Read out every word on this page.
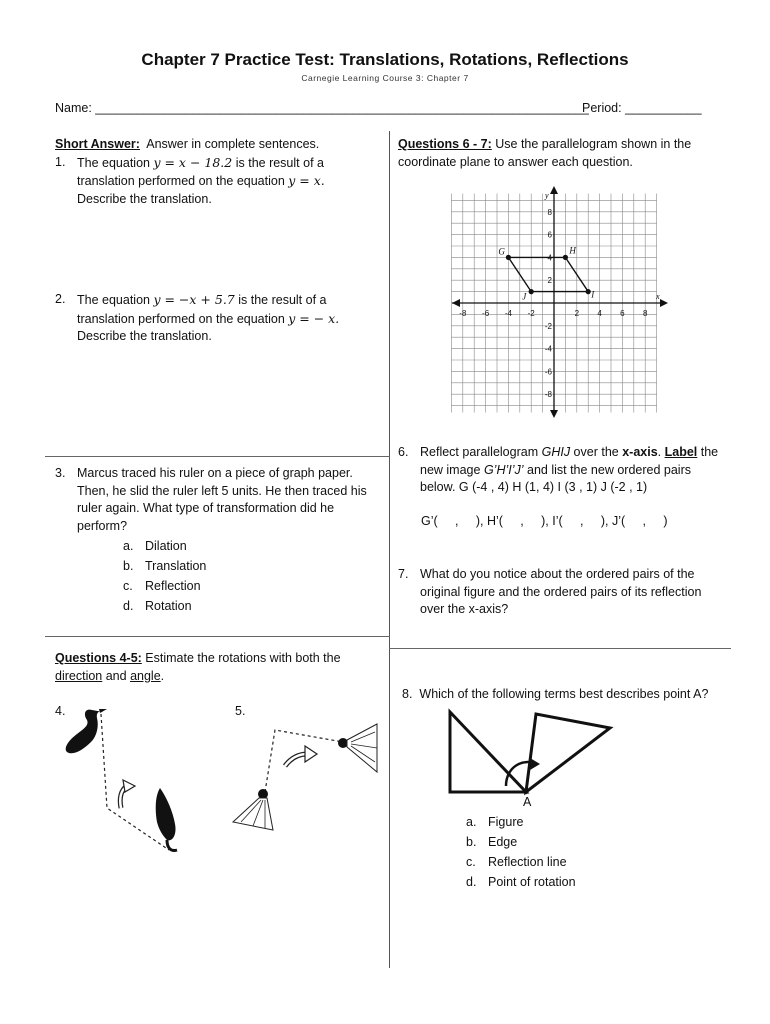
Chapter 7 Practice Test: Translations, Rotations, Reflections
Carnegie Learning Course 3: Chapter 7
Name: _______________________________________________________________________
Period: ___________
Short Answer: Answer in complete sentences.
1. The equation y = x − 18.2 is the result of a
translation performed on the equation y = x.
Describe the translation.
2. The equation y = −x + 5.7 is the result of a
translation performed on the equation y = − x.
Describe the translation.
3. Marcus traced his ruler on a piece of graph paper.
Then, he slid the ruler left 5 units. He then traced his
ruler again. What type of transformation did he
perform?
a. Dilation
b. Translation
c. Reflection
d. Rotation
Questions 4-5: Estimate the rotations with both the
direction and angle.
4.	5.
Questions 6 - 7: Use the parallelogram shown in the
coordinate plane to answer each question.
-8 -6 -4 -2	2 4 6 8
8
6
4
2
-2
-4
-6
-8
x
y
G	H
I
J
6. Reflect parallelogram GHIJ over the x-axis. Label the
new image G’H’I’J’ and list the new ordered pairs
below. G (-4 , 4) H (1, 4) I (3 , 1) J (-2 , 1)
G’(     ,     ), H’(     ,     ), I’(     ,     ), J’(     ,     )
7. What do you notice about the ordered pairs of the
original figure and the ordered pairs of its reflection
over the x-axis?
8. Which of the following terms best describes point A?
A
a. Figure
b. Edge
c. Reflection line
d. Point of rotation
